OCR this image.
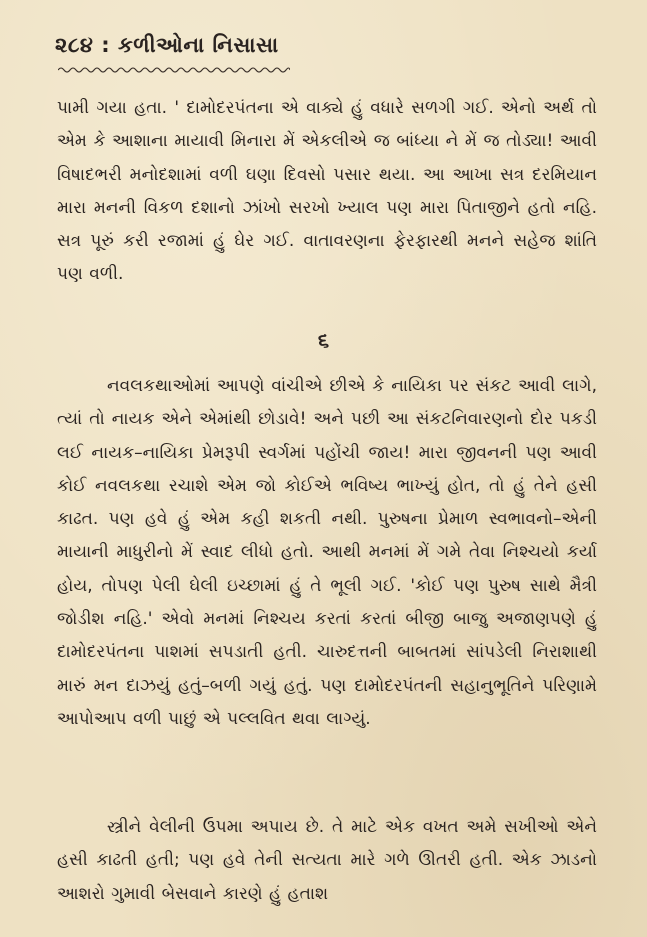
૨૮૪ : કળીઓના નિસાસા

પામી ગયા હતા. ' દામોદરપંતના એ વાક્યે હું વધારે સળગી ગઈ. એનો અર્થ તો એમ કે આશાના માયાવી મિનારા મેં એકલીએ જ બાંધ્યા ને મેં જ તોડ્યા! આવી વિષાદભરી મનોદશામાં વળી ઘણા દિવસો પસાર થયા. આ આખા સત્ર દરમિયાન મારા મનની વિકળ દશાનો ઝાંખો સરખો ખ્યાલ પણ મારા પિતાજીને હતો નહિ. સત્ર પૂરું કરી રજામાં હું ઘેર ગઈ. વાતાવરણના ફેરફારથી મનને સહેજ શાંતિ પણ વળી.

૬

નવલકથાઓમાં આપણે વાંચીએ છીએ કે નાયિકા પર સંકટ આવી લાગે, ત્યાં તો નાયક એને એમાંથી છોડાવે! અને પછી આ સંકટનિવારણનો દોર પકડી લઈ નાયક–નાયિકા પ્રેમરૂપી સ્વર્ગમાં પહોંચી જાય! મારા જીવનની પણ આવી કોઈ નવલકથા રચાશે એમ જો કોઈએ ભવિષ્ય ભાખ્યું હોત, તો હું તેને હસી કાઢત. પણ હવે હું એમ કહી શકતી નથી. પુરુષના પ્રેમાળ સ્વભાવનો–એની માયાની માધુરીનો મેં સ્વાદ લીધો હતો. આથી મનમાં મેં ગમે તેવા નિશ્ચયો કર્યા હોય, તોપણ પેલી ઘેલી ઇચ્છામાં હું તે ભૂલી ગઈ. 'કોઈ પણ પુરુષ સાથે મૈત્રી જોડીશ નહિ.' એવો મનમાં નિશ્ચય કરતાં કરતાં બીજી બાજુ અજાણપણે હું દામોદરપંતના પાશમાં સપડાતી હતી. ચારુદત્તની બાબતમાં સાંપડેલી નિરાશાથી મારું મન દાઝયું હતું–બળી ગયું હતું. પણ દામોદરપંતની સહાનુભૂતિને પરિણામે આપોઆપ વળી પાછું એ પલ્લવિત થવા લાગ્યું.

સ્ત્રીને વેલીની ઉપમા અપાય છે. તે માટે એક વખત અમે સખીઓ એને હસી કાઢતી હતી; પણ હવે તેની સત્યતા મારે ગળે ઊતરી હતી. એક ઝાડનો આશરો ગુમાવી બેસવાને કારણે હું હતાશ
